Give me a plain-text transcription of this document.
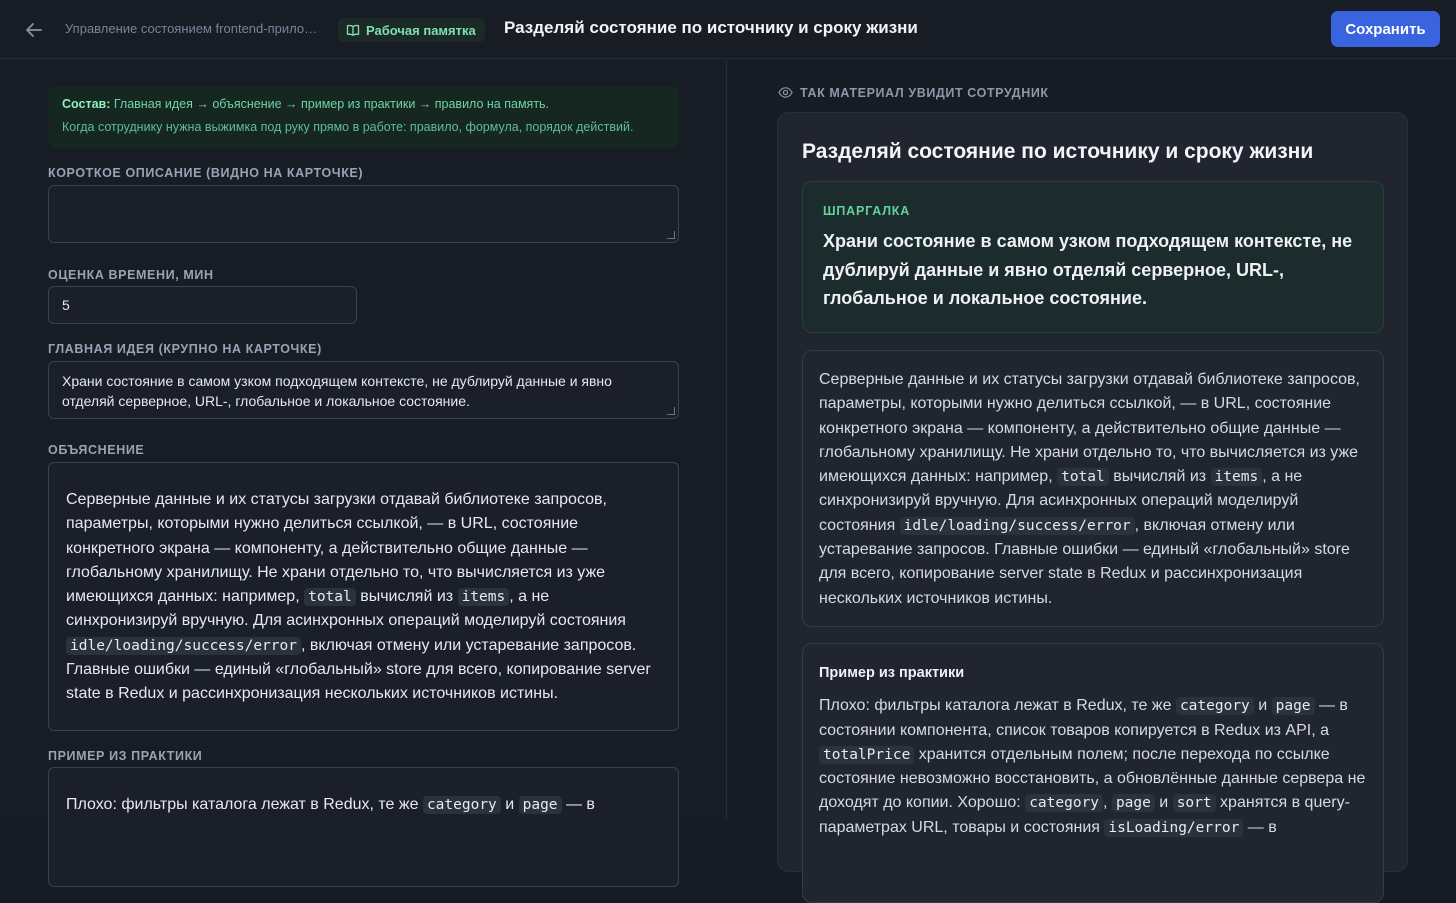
Управление состоянием frontend-прило…	Рабочая памятка Разделяй состояние по источнику и сроку жизни	Сохранить
Состав: Главная идея → объяснение → пример из практики → правило на память.
Когда сотруднику нужна выжимка под руку прямо в работе: правило, формула, порядок действий.
КОРОТКОЕ ОПИСАНИЕ (ВИДНО НА КАРТОЧКЕ)
ОЦЕНКА ВРЕМЕНИ, МИН
5
ГЛАВНАЯ ИДЕЯ (КРУПНО НА КАРТОЧКЕ)
Храни состояние в самом узком подходящем контексте, не дублируй данные и явно отделяй серверное, URL-, глобальное и локальное состояние.
ОБЪЯСНЕНИЕ
Серверные данные и их статусы загрузки отдавай библиотеке запросов, параметры, которыми нужно делиться ссылкой, — в URL, состояние конкретного экрана — компоненту, а действительно общие данные — глобальному хранилищу. Не храни отдельно то, что вычисляется из уже имеющихся данных: например, total вычисляй из items , а не синхронизируй вручную. Для асинхронных операций моделируй состояния idle/loading/success/error , включая отмену или устаревание запросов. Главные ошибки — единый «глобальный» store для всего, копирование server state в Redux и рассинхронизация нескольких источников истины.
ПРИМЕР ИЗ ПРАКТИКИ
Плохо: фильтры каталога лежат в Redux, те же category и page — в
ТАК МАТЕРИАЛ УВИДИТ СОТРУДНИК
Разделяй состояние по источнику и сроку жизни
ШПАРГАЛКА
Храни состояние в самом узком подходящем контексте, не дублируй данные и явно отделяй серверное, URL-, глобальное и локальное состояние.
Серверные данные и их статусы загрузки отдавай библиотеке запросов, параметры, которыми нужно делиться ссылкой, — в URL, состояние конкретного экрана — компоненту, а действительно общие данные — глобальному хранилищу. Не храни отдельно то, что вычисляется из уже имеющихся данных: например, total вычисляй из items , а не синхронизируй вручную. Для асинхронных операций моделируй состояния idle/loading/success/error , включая отмену или устаревание запросов. Главные ошибки — единый «глобальный» store для всего, копирование server state в Redux и рассинхронизация нескольких источников истины.
Пример из практики
Плохо: фильтры каталога лежат в Redux, те же category и page — в состоянии компонента, список товаров копируется в Redux из API, а totalPrice хранится отдельным полем; после перехода по ссылке состояние невозможно восстановить, а обновлённые данные сервера не доходят до копии. Хорошо: category , page и sort хранятся в query-параметрах URL, товары и состояния isLoading/error — в
